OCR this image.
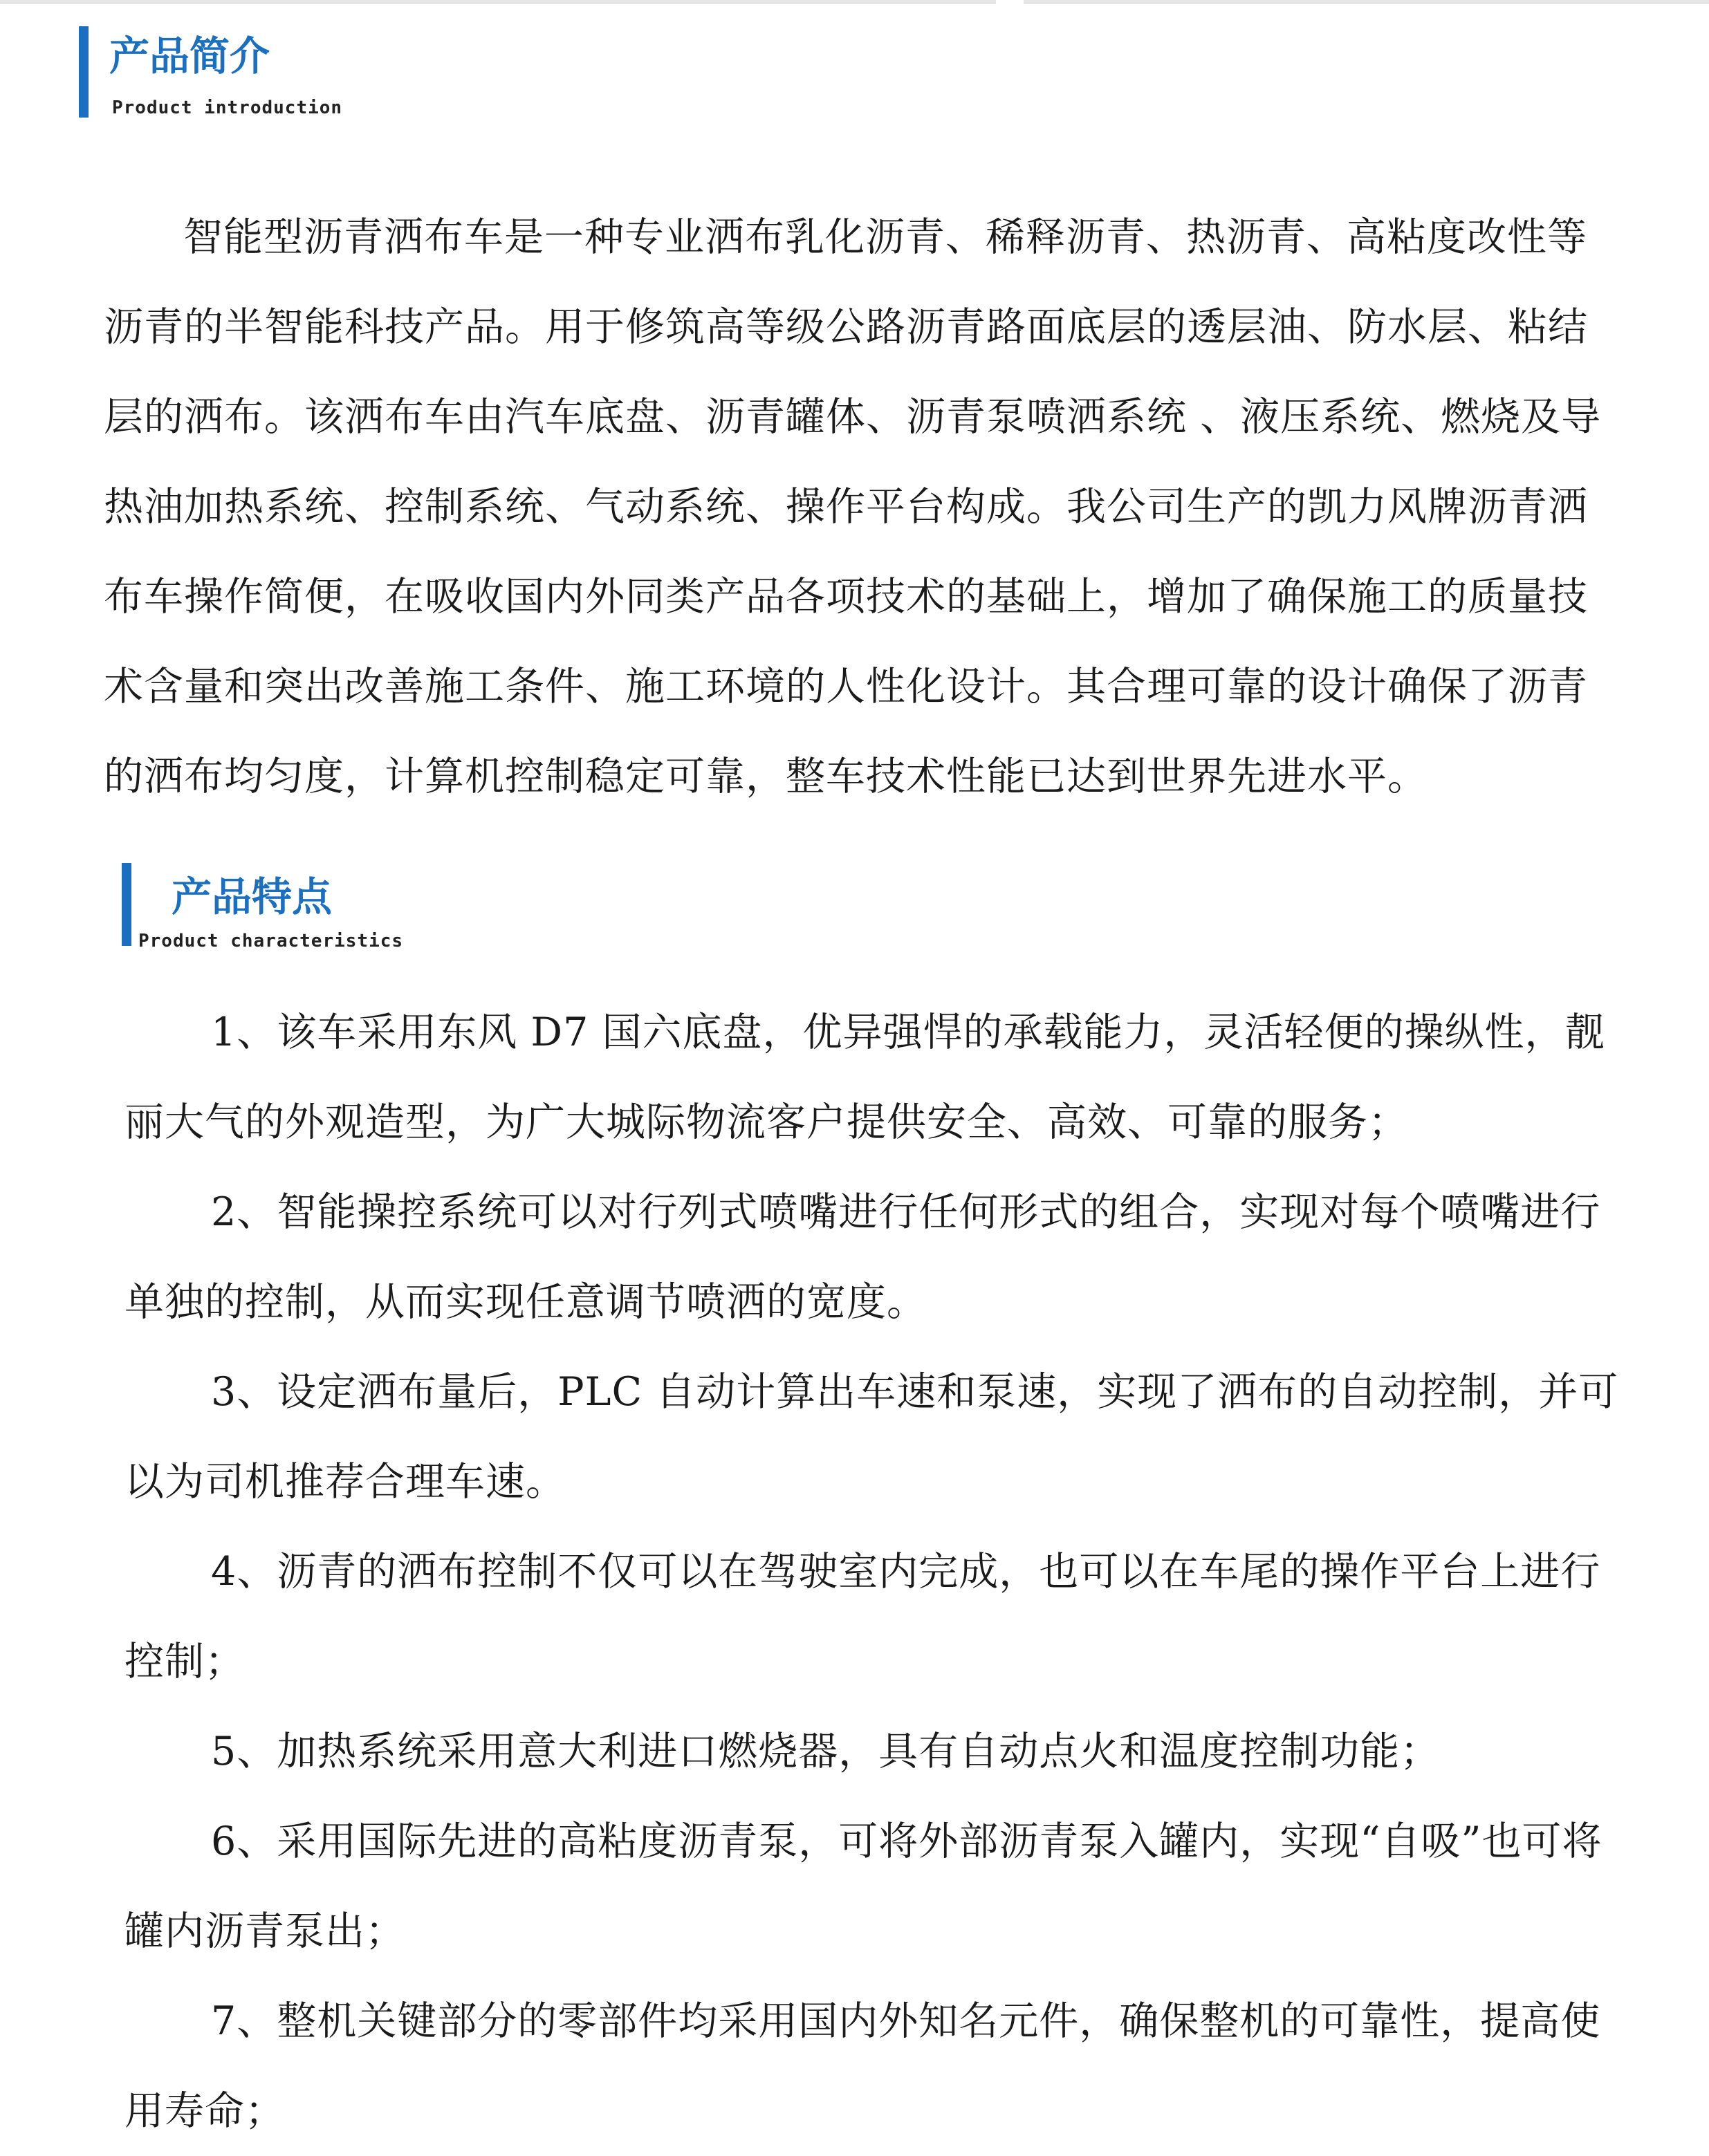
产品简介
Product introduction

智能型沥青洒布车是一种专业洒布乳化沥青、稀释沥青、热沥青、高粘度改性等沥青的半智能科技产品。用于修筑高等级公路沥青路面底层的透层油、防水层、粘结层的洒布。该洒布车由汽车底盘、沥青罐体、沥青泵喷洒系统 、液压系统、燃烧及导热油加热系统、控制系统、气动系统、操作平台构成。我公司生产的凯力风牌沥青洒布车操作简便，在吸收国内外同类产品各项技术的基础上，增加了确保施工的质量技术含量和突出改善施工条件、施工环境的人性化设计。其合理可靠的设计确保了沥青的洒布均匀度，计算机控制稳定可靠，整车技术性能已达到世界先进水平。

产品特点
Product characteristics

1、该车采用东风 D7 国六底盘，优异强悍的承载能力，灵活轻便的操纵性，靓丽大气的外观造型，为广大城际物流客户提供安全、高效、可靠的服务；

2、智能操控系统可以对行列式喷嘴进行任何形式的组合，实现对每个喷嘴进行单独的控制，从而实现任意调节喷洒的宽度。

3、设定洒布量后，PLC 自动计算出车速和泵速，实现了洒布的自动控制，并可以为司机推荐合理车速。

4、沥青的洒布控制不仅可以在驾驶室内完成，也可以在车尾的操作平台上进行控制；

5、加热系统采用意大利进口燃烧器，具有自动点火和温度控制功能；

6、采用国际先进的高粘度沥青泵，可将外部沥青泵入罐内，实现“自吸”也可将罐内沥青泵出；

7、整机关键部分的零部件均采用国内外知名元件，确保整机的可靠性，提高使用寿命；
